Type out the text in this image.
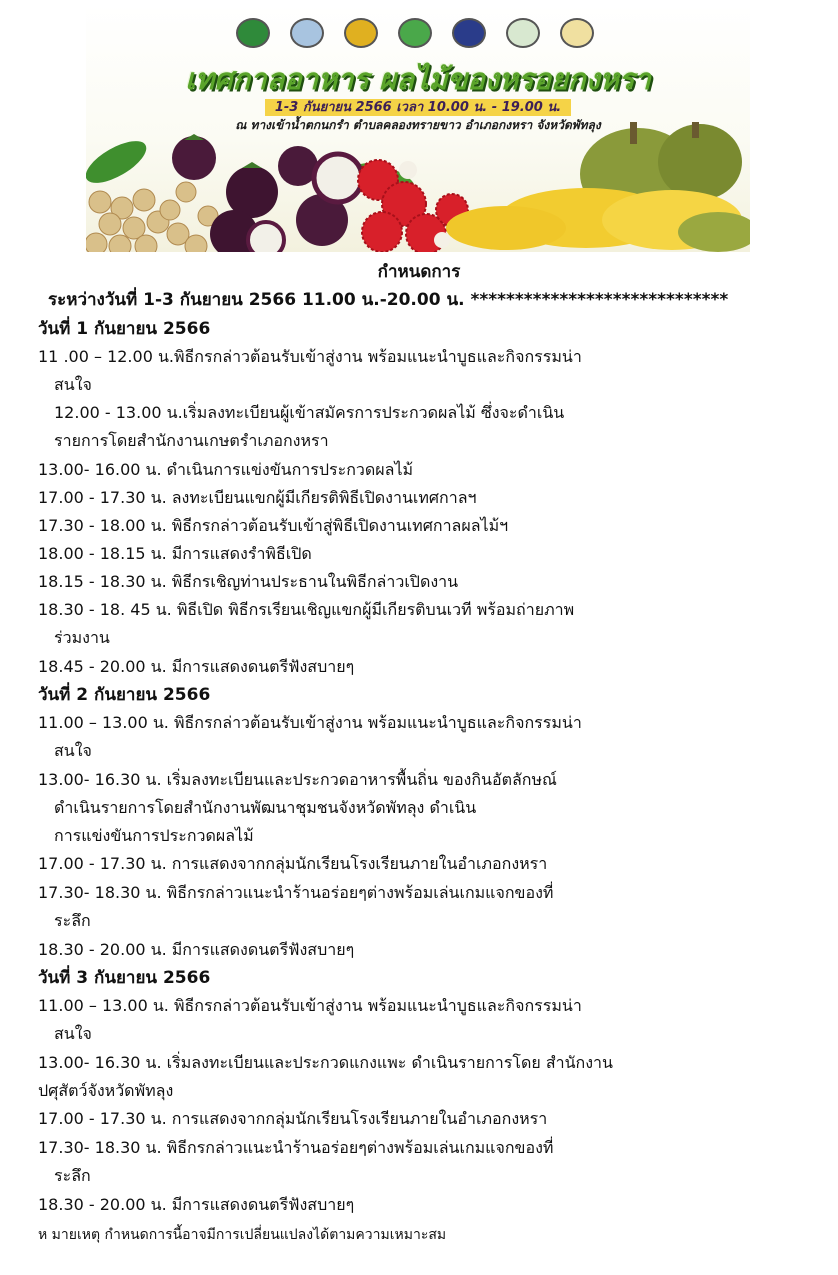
เทศกาลอาหาร ผลไม้ของหรอยกงหรา
1-3 กันยายน 2566 เวลา 10.00 น. - 19.00 น.
ณ ทางเข้าน้ำตกนกรำ ตำบลคลองทรายขาว อำเภอกงหรา จังหวัดพัทลุง
กำหนดการ
ระหว่างวันที่ 1-3 กันยายน 2566 11.00 น.-20.00 น. *****************************
วันที่ 1 กันยายน 2566
11 .00 – 12.00 น.พิธีกรกล่าวต้อนรับเข้าสู่งาน พร้อมแนะนำบูธและกิจกรรมน่า
สนใจ
12.00 - 13.00 น.เริ่มลงทะเบียนผู้เข้าสมัครการประกวดผลไม้ ซึ่งจะดำเนิน
รายการโดยสำนักงานเกษตรำเภอกงหรา
13.00- 16.00 น. ดำเนินการแข่งขันการประกวดผลไม้
17.00 - 17.30 น. ลงทะเบียนแขกผู้มีเกียรติพิธีเปิดงานเทศกาลฯ
17.30 - 18.00 น. พิธีกรกล่าวต้อนรับเข้าสู่พิธีเปิดงานเทศกาลผลไม้ฯ
18.00 - 18.15 น. มีการแสดงรำพิธีเปิด
18.15 - 18.30 น. พิธีกรเชิญท่านประธานในพิธีกล่าวเปิดงาน
18.30 - 18. 45 น. พิธีเปิด พิธีกรเรียนเชิญแขกผู้มีเกียรติบนเวที พร้อมถ่ายภาพ
ร่วมงาน
18.45 - 20.00 น. มีการแสดงดนตรีฟังสบายๆ
วันที่ 2 กันยายน 2566
11.00 – 13.00 น. พิธีกรกล่าวต้อนรับเข้าสู่งาน พร้อมแนะนำบูธและกิจกรรมน่า
สนใจ
13.00- 16.30 น. เริ่มลงทะเบียนและประกวดอาหารพื้นถิ่น ของกินอัตลักษณ์
ดำเนินรายการโดยสำนักงานพัฒนาชุมชนจังหวัดพัทลุง ดำเนิน
การแข่งขันการประกวดผลไม้
17.00 - 17.30 น. การแสดงจากกลุ่มนักเรียนโรงเรียนภายในอำเภอกงหรา
17.30- 18.30 น. พิธีกรกล่าวแนะนำร้านอร่อยๆต่างพร้อมเล่นเกมแจกของที่
ระลึก
18.30 - 20.00 น. มีการแสดงดนตรีฟังสบายๆ
วันที่ 3 กันยายน 2566
11.00 – 13.00 น. พิธีกรกล่าวต้อนรับเข้าสู่งาน พร้อมแนะนำบูธและกิจกรรมน่า
สนใจ
13.00- 16.30 น. เริ่มลงทะเบียนและประกวดแกงแพะ ดำเนินรายการโดย สำนักงาน
ปศุสัตว์จังหวัดพัทลุง
17.00 - 17.30 น. การแสดงจากกลุ่มนักเรียนโรงเรียนภายในอำเภอกงหรา
17.30- 18.30 น. พิธีกรกล่าวแนะนำร้านอร่อยๆต่างพร้อมเล่นเกมแจกของที่
ระลึก
18.30 - 20.00 น. มีการแสดงดนตรีฟังสบายๆ
ห มายเหตุ กำหนดการนี้อาจมีการเปลี่ยนแปลงได้ตามความเหมาะสม
